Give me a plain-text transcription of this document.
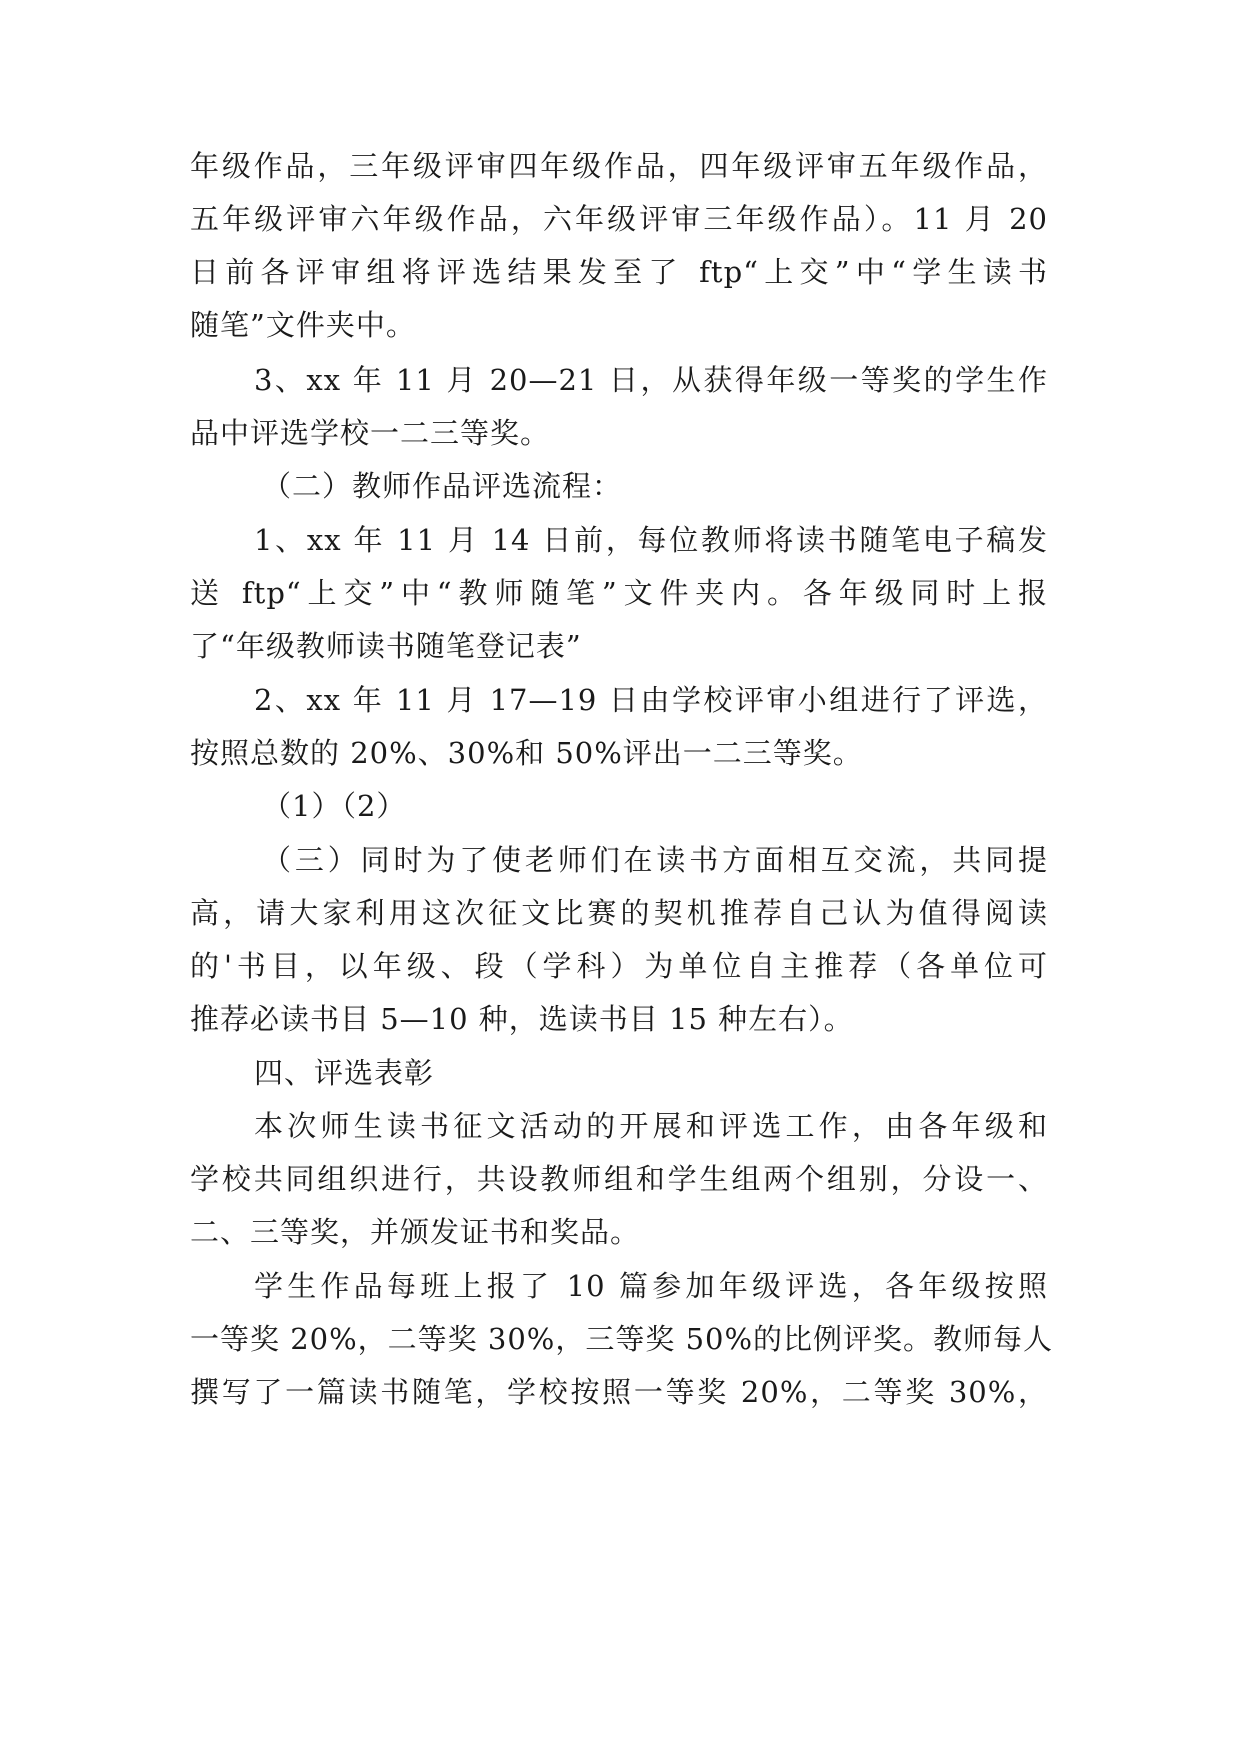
年级作品，三年级评审四年级作品，四年级评审五年级作品，
五年级评审六年级作品，六年级评审三年级作品）。11 月 20
日前各评审组将评选结果发至了 ftp“上交”中“学生读书
随笔”文件夹中。
3、xx 年 11 月 20—21 日，从获得年级一等奖的学生作
品中评选学校一二三等奖。
（二）教师作品评选流程：
1、xx 年 11 月 14 日前，每位教师将读书随笔电子稿发
送 ftp“上交”中“教师随笔”文件夹内。各年级同时上报
了“年级教师读书随笔登记表”
2、xx 年 11 月 17—19 日由学校评审小组进行了评选，
按照总数的 20%、30%和 50%评出一二三等奖。
（1）（2）
（三）同时为了使老师们在读书方面相互交流，共同提
高，请大家利用这次征文比赛的契机推荐自己认为值得阅读
的'书目，以年级、段（学科）为单位自主推荐（各单位可
推荐必读书目 5—10 种，选读书目 15 种左右）。
四、评选表彰
本次师生读书征文活动的开展和评选工作，由各年级和
学校共同组织进行，共设教师组和学生组两个组别，分设一、
二、三等奖，并颁发证书和奖品。
学生作品每班上报了 10 篇参加年级评选，各年级按照
一等奖 20%，二等奖 30%，三等奖 50%的比例评奖。教师每人
撰写了一篇读书随笔，学校按照一等奖 20%，二等奖 30%，
